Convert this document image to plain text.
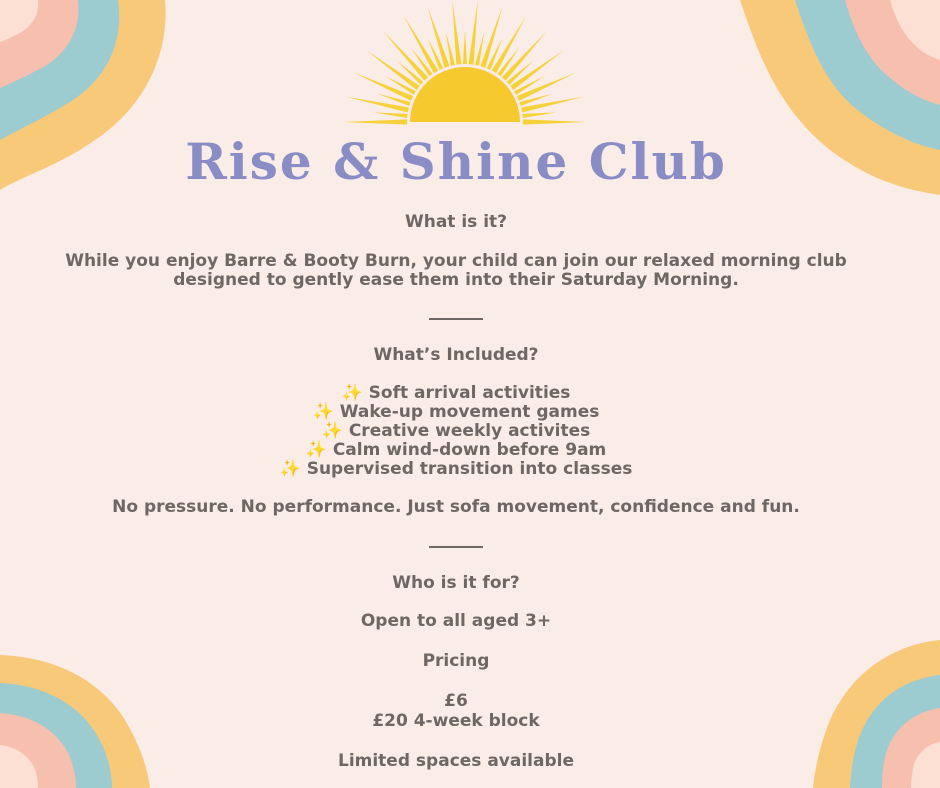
Rise & Shine Club
What is it?
While you enjoy Barre & Booty Burn, your child can join our relaxed morning club
designed to gently ease them into their Saturday Morning.
What’s Included?
✨ Soft arrival activities
✨ Wake-up movement games
✨ Creative weekly activites
✨ Calm wind-down before 9am
✨ Supervised transition into classes
No pressure. No performance. Just sofa movement, confidence and fun.
Who is it for?
Open to all aged 3+
Pricing
£6
£20 4-week block
Limited spaces available
